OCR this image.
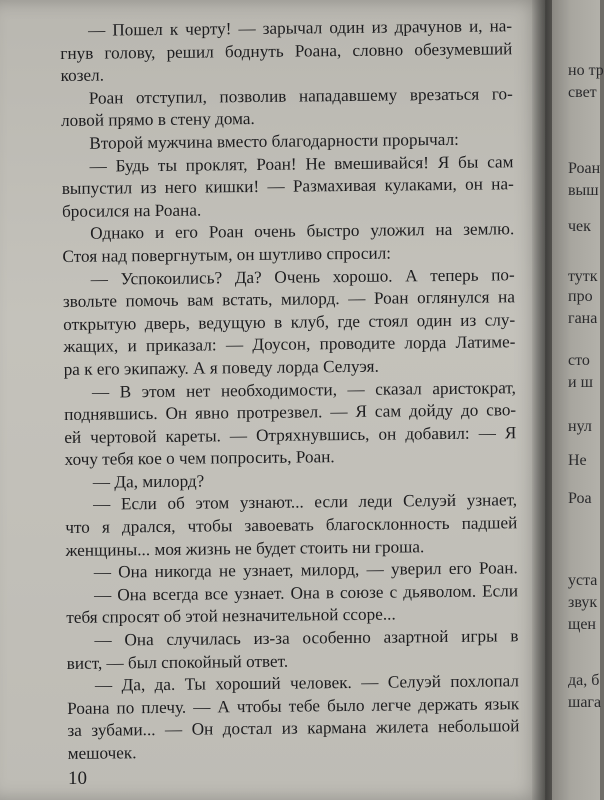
— Пошел к черту! — зарычал один из драчунов и, на-
гнув голову, решил боднуть Роана, словно обезумевший
козел.
Роан отступил, позволив нападавшему врезаться го-
ловой прямо в стену дома.
Второй мужчина вместо благодарности прорычал:
— Будь ты проклят, Роан! Не вмешивайся! Я бы сам
выпустил из него кишки! — Размахивая кулаками, он на-
бросился на Роана.
Однако и его Роан очень быстро уложил на землю.
Стоя над повергнутым, он шутливо спросил:
— Успокоились? Да? Очень хорошо. А теперь по-
звольте помочь вам встать, милорд. — Роан оглянулся на
открытую дверь, ведущую в клуб, где стоял один из слу-
жащих, и приказал: — Доусон, проводите лорда Латиме-
ра к его экипажу. А я поведу лорда Селуэя.
— В этом нет необходимости, — сказал аристократ,
поднявшись. Он явно протрезвел. — Я сам дойду до сво-
ей чертовой кареты. — Отряхнувшись, он добавил: — Я
хочу тебя кое о чем попросить, Роан.
— Да, милорд?
— Если об этом узнают... если леди Селуэй узнает,
что я дрался, чтобы завоевать благосклонность падшей
женщины... моя жизнь не будет стоить ни гроша.
— Она никогда не узнает, милорд, — уверил его Роан.
— Она всегда все узнает. Она в союзе с дьяволом. Если
тебя спросят об этой незначительной ссоре...
— Она случилась из-за особенно азартной игры в
вист, — был спокойный ответ.
— Да, да. Ты хороший человек. — Селуэй похлопал
Роана по плечу. — А чтобы тебе было легче держать язык
за зубами... — Он достал из кармана жилета небольшой
мешочек.
10
но тр
свет
Роан
выш
чек
тутк
про
гана
сто
и ш
нул
Не
Роа
уста
звук
щен
да, б
шага
